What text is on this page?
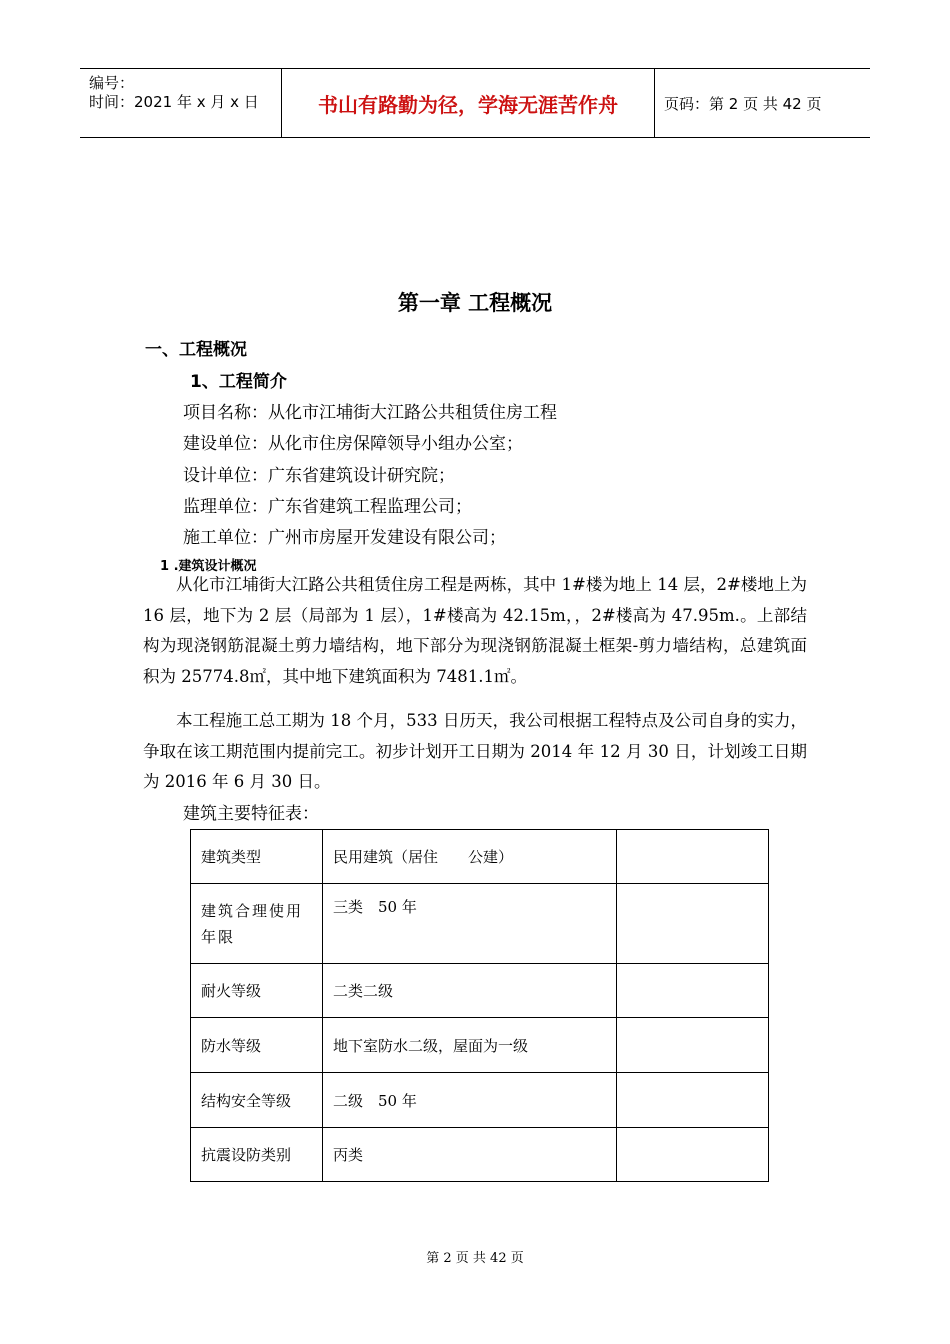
编号：
时间：2021 年 x 月 x 日	书山有路勤为径，学海无涯苦作舟	页码：第 2 页 共 42 页
第一章 工程概况
一、工程概况
1、工程简介
项目名称：从化市江埔街大江路公共租赁住房工程
建设单位：从化市住房保障领导小组办公室；
设计单位：广东省建筑设计研究院；
监理单位：广东省建筑工程监理公司；
施工单位：广州市房屋开发建设有限公司；
1 .建筑设计概况

从化市江埔街大江路公共租赁住房工程是两栋，其中 1#楼为地上 14 层，2#楼地上为 16 层，地下为 2 层（局部为 1 层），1#楼高为 42.15m，，2#楼高为 47.95m.。上部结构为现浇钢筋混凝土剪力墙结构，地下部分为现浇钢筋混凝土框架-剪力墙结构，总建筑面积为 25774.8㎡，其中地下建筑面积为 7481.1㎡。

本工程施工总工期为 18 个月，533 日历天，我公司根据工程特点及公司自身的实力，争取在该工期范围内提前完工。初步计划开工日期为 2014 年 12 月 30 日，计划竣工日期为 2016 年 6 月 30 日。

建筑主要特征表：
建筑类型	民用建筑（居住　　公建）	
建筑合理使用年限	三类　50 年	
耐火等级	二类二级	
防水等级	地下室防水二级，屋面为一级	
结构安全等级	二级　50 年	
抗震设防类别	丙类	
第 2 页 共 42 页
